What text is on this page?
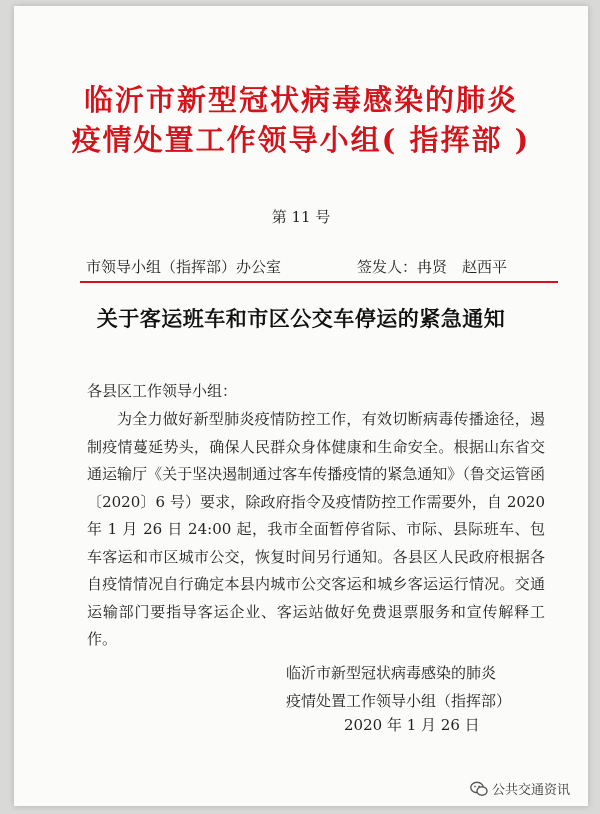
临沂市新型冠状病毒感染的肺炎
疫情处置工作领导小组( 指挥部 )
第 11 号
市领导小组（指挥部）办公室	签发人：冉贤　赵西平
关于客运班车和市区公交车停运的紧急通知
各县区工作领导小组：
为全力做好新型肺炎疫情防控工作，有效切断病毒传播途径，遏制疫情蔓延势头，确保人民群众身体健康和生命安全。根据山东省交通运输厅《关于坚决遏制通过客车传播疫情的紧急通知》（鲁交运管函〔2020〕6 号）要求，除政府指令及疫情防控工作需要外，自 2020 年 1 月 26 日 24:00 起，我市全面暂停省际、市际、县际班车、包车客运和市区城市公交，恢复时间另行通知。各县区人民政府根据各自疫情情况自行确定本县内城市公交客运和城乡客运运行情况。交通运输部门要指导客运企业、客运站做好免费退票服务和宣传解释工作。
临沂市新型冠状病毒感染的肺炎
疫情处置工作领导小组（指挥部）
2020 年 1 月 26 日
公共交通资讯
